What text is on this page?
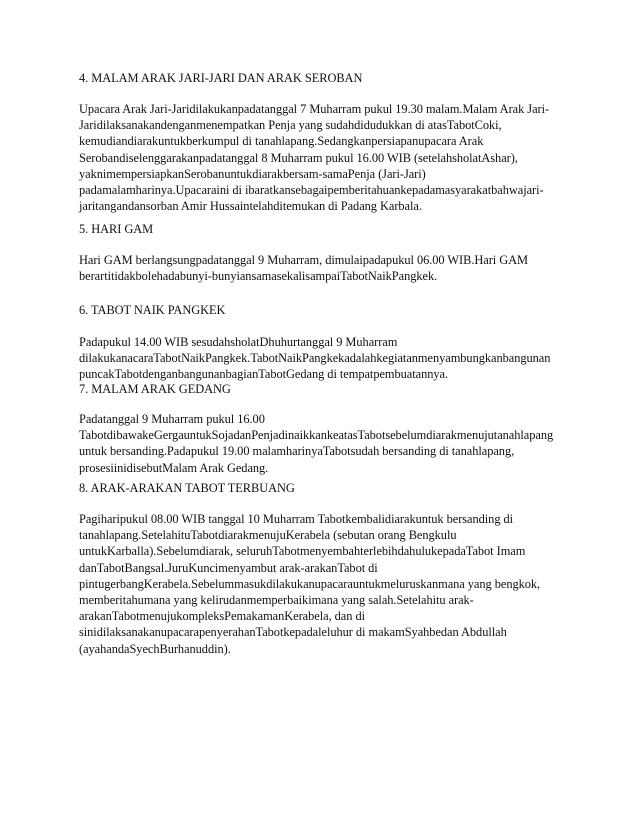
4. MALAM ARAK JARI-JARI DAN ARAK SEROBAN

Upacara Arak Jari-Jaridilakukanpadatanggal 7 Muharram pukul 19.30 malam.Malam Arak Jari-
Jaridilaksanakandenganmenempatkan Penja yang sudahdidudukkan di atasTabotCoki,
kemudiandiarakuntukberkumpul di tanahlapang.Sedangkanpersiapanupacara Arak
Serobandiselenggarakanpadatanggal 8 Muharram pukul 16.00 WIB (setelahsholatAshar),
yaknimempersiapkanSerobanuntukdiarakbersam-samaPenja (Jari-Jari)
padamalamharinya.Upacaraini di ibaratkansebagaipemberitahuankepadamasyarakatbahwajari-
jaritangandansorban Amir Hussaintelahditemukan di Padang Karbala.

5. HARI GAM

Hari GAM berlangsungpadatanggal 9 Muharram, dimulaipadapukul 06.00 WIB.Hari GAM
berartitidakbolehadabunyi-bunyiansamasekalisampaiTabotNaikPangkek.

6. TABOT NAIK PANGKEK

Padapukul 14.00 WIB sesudahsholatDhuhurtanggal 9 Muharram
dilakukanacaraTabotNaikPangkek.TabotNaikPangkekadalahkegiatanmenyambungkanbangunan
puncakTabotdenganbangunanbagianTabotGedang di tempatpembuatannya.

7. MALAM ARAK GEDANG

Padatanggal 9 Muharram pukul 16.00
TabotdibawakeGergauntukSojadanPenjadinaikkankeatasTabotsebelumdiarakmenujutanahlapang
untuk bersanding.Padapukul 19.00 malamharinyaTabotsudah bersanding di tanahlapang,
prosesiinidisebutMalam Arak Gedang.

8. ARAK-ARAKAN TABOT TERBUANG

Pagiharipukul 08.00 WIB tanggal 10 Muharram Tabotkembalidiarakuntuk bersanding di
tanahlapang.SetelahituTabotdiarakmenujuKerabela (sebutan orang Bengkulu
untukKarballa).Sebelumdiarak, seluruhTabotmenyembahterlebihdahulukepadaTabot Imam
danTabotBangsal.JuruKuncimenyambut arak-arakanTabot di
pintugerbangKerabela.Sebelummasukdilakukanupacarauntukmeluruskanmana yang bengkok,
memberitahumana yang kelirudanmemperbaikimana yang salah.Setelahitu arak-
arakanTabotmenujukompleksPemakamanKerabela, dan di
sinidilaksanakanupacarapenyerahanTabotkepadaleluhur di makamSyahbedan Abdullah
(ayahandaSyechBurhanuddin).
